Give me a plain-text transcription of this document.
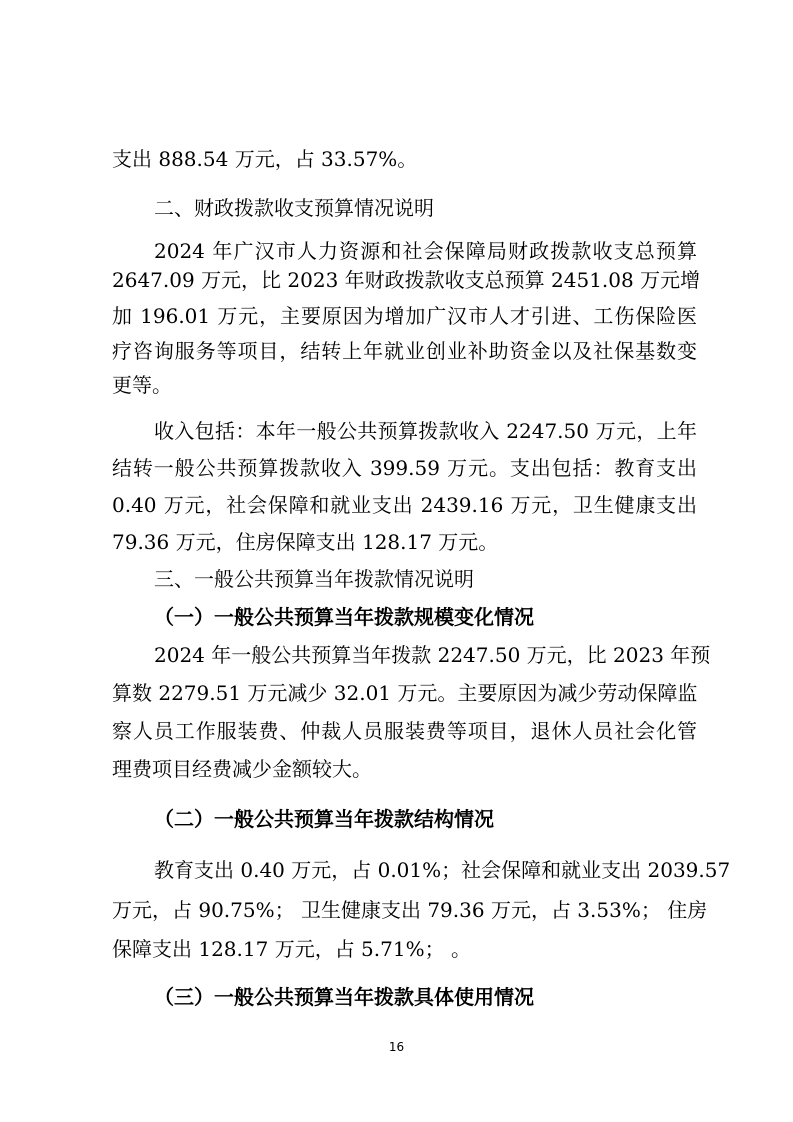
支出 888.54 万元，占 33.57%。
二、财政拨款收支预算情况说明
2024 年广汉市人力资源和社会保障局财政拨款收支总预算
2647.09 万元，比 2023 年财政拨款收支总预算 2451.08 万元增
加 196.01 万元，主要原因为增加广汉市人才引进、工伤保险医
疗咨询服务等项目，结转上年就业创业补助资金以及社保基数变
更等。
收入包括：本年一般公共预算拨款收入 2247.50 万元，上年
结转一般公共预算拨款收入 399.59 万元。支出包括：教育支出
0.40 万元，社会保障和就业支出 2439.16 万元，卫生健康支出
79.36 万元，住房保障支出 128.17 万元。
三、一般公共预算当年拨款情况说明
（一）一般公共预算当年拨款规模变化情况
2024 年一般公共预算当年拨款 2247.50 万元，比 2023 年预
算数 2279.51 万元减少 32.01 万元。主要原因为减少劳动保障监
察人员工作服装费、仲裁人员服装费等项目，退休人员社会化管
理费项目经费减少金额较大。
（二）一般公共预算当年拨款结构情况
教育支出 0.40 万元，占 0.01%；社会保障和就业支出 2039.57
万元，占 90.75%； 卫生健康支出 79.36 万元，占 3.53%； 住房
保障支出 128.17 万元，占 5.71%； 。
（三）一般公共预算当年拨款具体使用情况
16
